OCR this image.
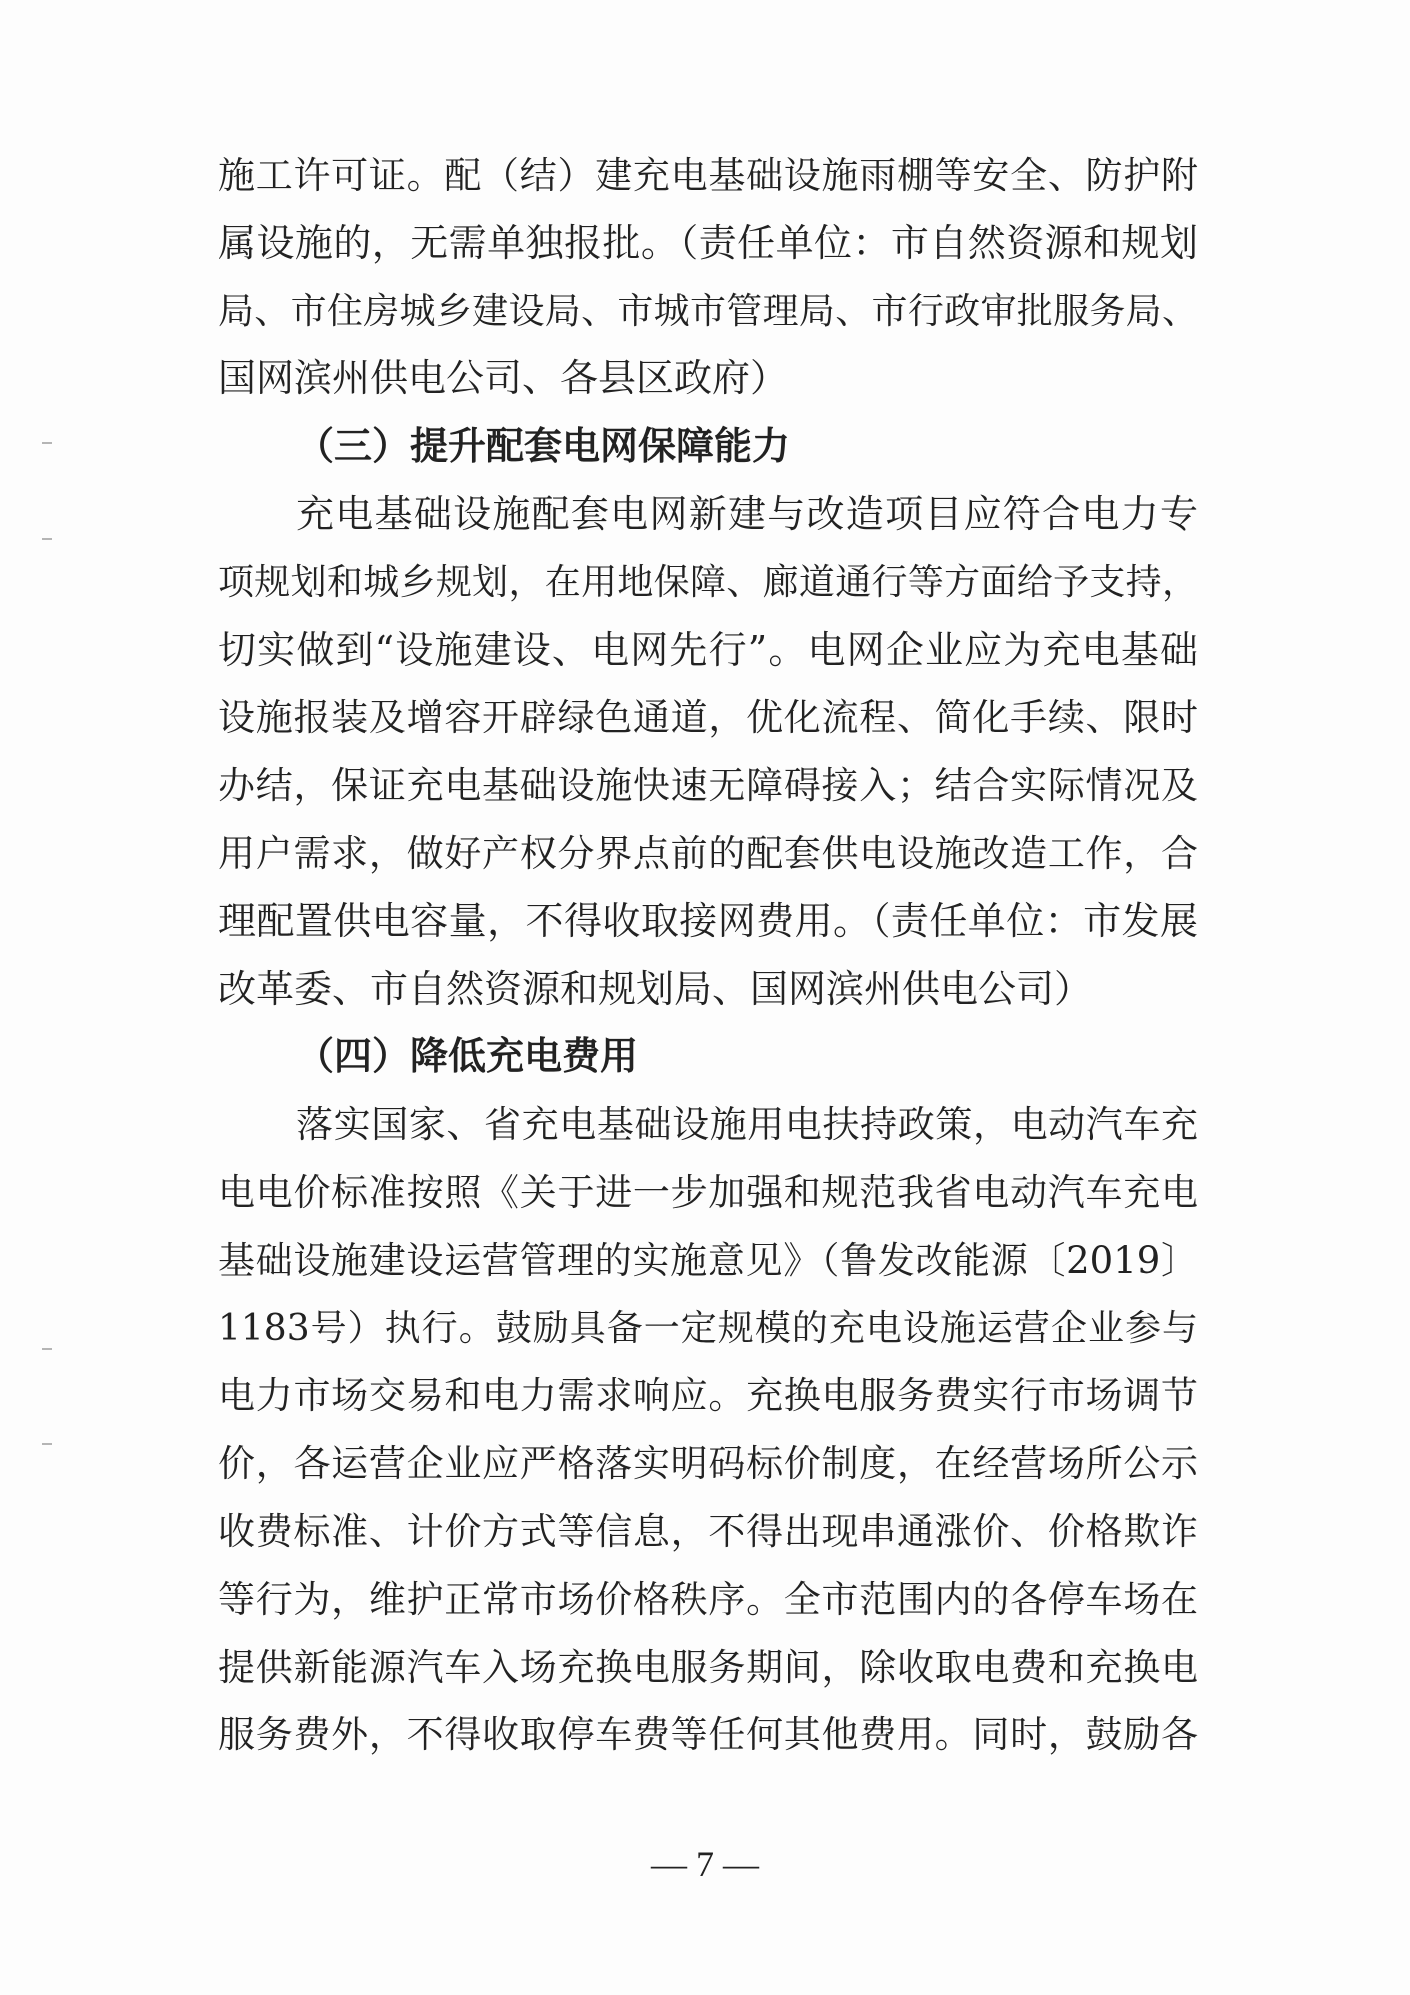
施工许可证。配（结）建充电基础设施雨棚等安全、防护附
属设施的，无需单独报批。（责任单位：市自然资源和规划
局、市住房城乡建设局、市城市管理局、市行政审批服务局、
国网滨州供电公司、各县区政府）
（三）提升配套电网保障能力
充电基础设施配套电网新建与改造项目应符合电力专
项规划和城乡规划，在用地保障、廊道通行等方面给予支持，
切实做到“设施建设、电网先行”。电网企业应为充电基础
设施报装及增容开辟绿色通道，优化流程、简化手续、限时
办结，保证充电基础设施快速无障碍接入；结合实际情况及
用户需求，做好产权分界点前的配套供电设施改造工作，合
理配置供电容量，不得收取接网费用。（责任单位：市发展
改革委、市自然资源和规划局、国网滨州供电公司）
（四）降低充电费用
落实国家、省充电基础设施用电扶持政策，电动汽车充
电电价标准按照《关于进一步加强和规范我省电动汽车充电
基础设施建设运营管理的实施意见》（鲁发改能源〔2019〕
1183号）执行。鼓励具备一定规模的充电设施运营企业参与
电力市场交易和电力需求响应。充换电服务费实行市场调节
价，各运营企业应严格落实明码标价制度，在经营场所公示
收费标准、计价方式等信息，不得出现串通涨价、价格欺诈
等行为，维护正常市场价格秩序。全市范围内的各停车场在
提供新能源汽车入场充换电服务期间，除收取电费和充换电
服务费外，不得收取停车费等任何其他费用。同时，鼓励各
— 7 —
